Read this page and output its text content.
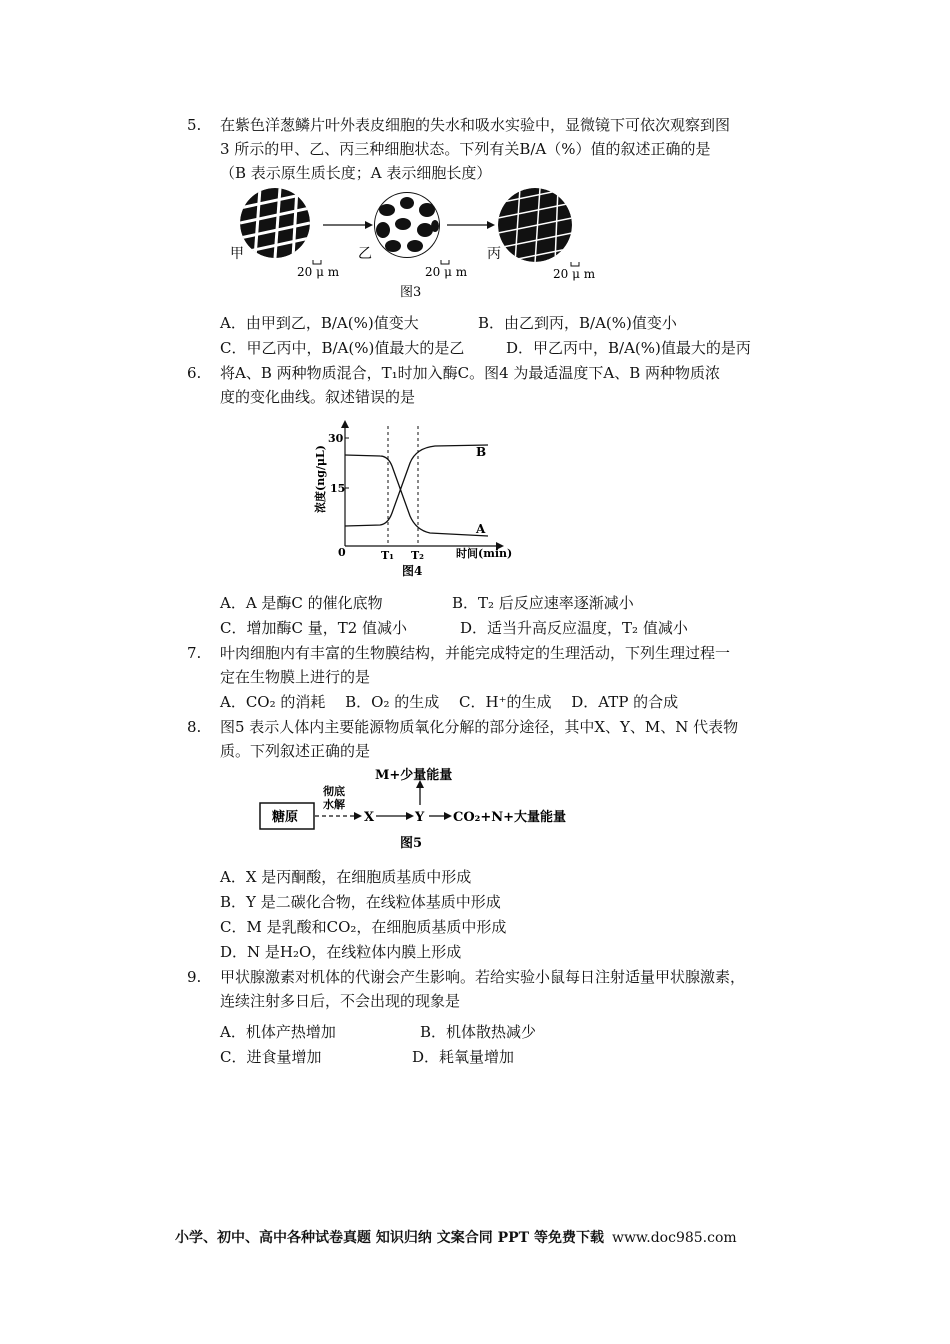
5. 在紫色洋葱鳞片叶外表皮细胞的失水和吸水实验中，显微镜下可依次观察到图
3 所示的甲、乙、丙三种细胞状态。下列有关B/A（%）值的叙述正确的是
（B 表示原生质长度；A 表示细胞长度）
甲	乙	丙
20 μ m	20 μ m	20 μ m
图3
A．由甲到乙，B/A(%)值变大	B．由乙到丙，B/A(%)值变小
C．甲乙丙中，B/A(%)值最大的是乙	D．甲乙丙中，B/A(%)值最大的是丙
6. 将A、B 两种物质混合，T₁时加入酶C。图4 为最适温度下A、B 两种物质浓
度的变化曲线。叙述错误的是
30
15
0
浓度(ng/μL)
T₁ T₂	时间(min)
B
A
图4
A．A 是酶C 的催化底物	B．T₂ 后反应速率逐渐减小
C．增加酶C 量，T2 值减小	D．适当升高反应温度，T₂ 值减小
7. 叶肉细胞内有丰富的生物膜结构，并能完成特定的生理活动，下列生理过程一
定在生物膜上进行的是
A．CO₂ 的消耗　 B．O₂ 的生成　 C．H⁺的生成　 D．ATP 的合成
8. 图5 表示人体内主要能源物质氧化分解的部分途径，其中X、Y、M、N 代表物
质。下列叙述正确的是
糖原
彻底
水解
X	Y
M+少量能量
CO₂+N+大量能量
图5
A．X 是丙酮酸，在细胞质基质中形成
B．Y 是二碳化合物，在线粒体基质中形成
C．M 是乳酸和CO₂，在细胞质基质中形成
D．N 是H₂O，在线粒体内膜上形成
9. 甲状腺激素对机体的代谢会产生影响。若给实验小鼠每日注射适量甲状腺激素，
连续注射多日后，不会出现的现象是
A．机体产热增加	B．机体散热减少
C．进食量增加	D．耗氧量增加
小学、初中、高中各种试卷真题 知识归纳 文案合同 PPT 等免费下载 www.doc985.com
